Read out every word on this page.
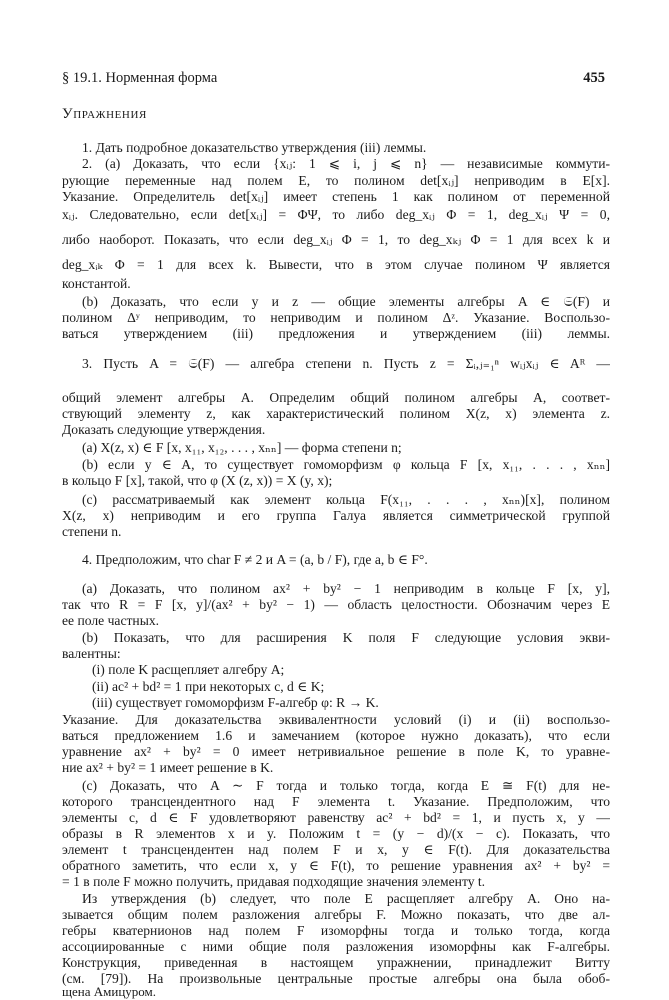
§ 19.1. Норменная форма	455
Упражнения
1. Дать подробное доказательство утверждения (iii) леммы.
2. (a) Доказать, что если {xᵢⱼ: 1 ⩽ i, j ⩽ n} — независимые коммути-
рующие переменные над полем E, то полином det[xᵢⱼ] неприводим в E[x].
Указание. Определитель det[xᵢⱼ] имеет степень 1 как полином от переменной
xᵢⱼ. Следовательно, если det[xᵢⱼ] = ΦΨ, то либо deg_xᵢⱼ Φ = 1, deg_xᵢⱼ Ψ = 0,
либо наоборот. Показать, что если deg_xᵢⱼ Φ = 1, то deg_xₖⱼ Φ = 1 для всех k и
deg_xᵢₖ Φ = 1 для всех k. Вывести, что в этом случае полином Ψ является
константой.
(b) Доказать, что если y и z — общие элементы алгебры A ∈ 𝔖(F) и
полином Δʸ неприводим, то неприводим и полином Δᶻ. Указание. Воспользо-
ваться утверждением (iii) предложения и утверждением (iii) леммы.
3. Пусть A = 𝔖(F) — алгебра степени n. Пусть z = Σᵢ,ⱼ₌₁ⁿ wᵢⱼxᵢⱼ ∈ Aᴿ —
общий элемент алгебры A. Определим общий полином алгебры A, соответ-
ствующий элементу z, как характеристический полином X(z, x) элемента z.
Доказать следующие утверждения.
(a) X(z, x) ∈ F [x, x₁₁, x₁₂, . . . , xₙₙ] — форма степени n;
(b) если y ∈ A, то существует гомоморфизм φ кольца F [x, x₁₁, . . . , xₙₙ]
в кольцо F [x], такой, что φ (X (z, x)) = X (y, x);
(c) рассматриваемый как элемент кольца F(x₁₁, . . . , xₙₙ)[x], полином
X(z, x) неприводим и его группа Галуа является симметрической группой
степени n.
4. Предположим, что char F ≠ 2 и A = (a, b / F), где a, b ∈ F°.
(a) Доказать, что полином ax² + by² − 1 неприводим в кольце F [x, y],
так что R = F [x, y]/(ax² + by² − 1) — область целостности. Обозначим через E
ее поле частных.
(b) Показать, что для расширения K поля F следующие условия экви-
валентны:
(i) поле K расщепляет алгебру A;
(ii) ac² + bd² = 1 при некоторых c, d ∈ K;
(iii) существует гомоморфизм F-алгебр φ: R → K.
Указание. Для доказательства эквивалентности условий (i) и (ii) воспользо-
ваться предложением 1.6 и замечанием (которое нужно доказать), что если
уравнение ax² + by² = 0 имеет нетривиальное решение в поле K, то уравне-
ние ax² + by² = 1 имеет решение в K.
(c) Доказать, что A ∼ F тогда и только тогда, когда E ≅ F(t) для не-
которого трансцендентного над F элемента t. Указание. Предположим, что
элементы c, d ∈ F удовлетворяют равенству ac² + bd² = 1, и пусть x, y —
образы в R элементов x и y. Положим t = (y − d)/(x − c). Показать, что
элемент t трансцендентен над полем F и x, y ∈ F(t). Для доказательства
обратного заметить, что если x, y ∈ F(t), то решение уравнения ax² + by² =
= 1 в поле F можно получить, придавая подходящие значения элементу t.
Из утверждения (b) следует, что поле E расщепляет алгебру A. Оно на-
зывается общим полем разложения алгебры F. Можно показать, что две ал-
гебры кватернионов над полем F изоморфны тогда и только тогда, когда
ассоциированные с ними общие поля разложения изоморфны как F-алгебры.
Конструкция, приведенная в настоящем упражнении, принадлежит Витту
(см. [79]). На произвольные центральные простые алгебры она была обоб-
щена Амицуром.
